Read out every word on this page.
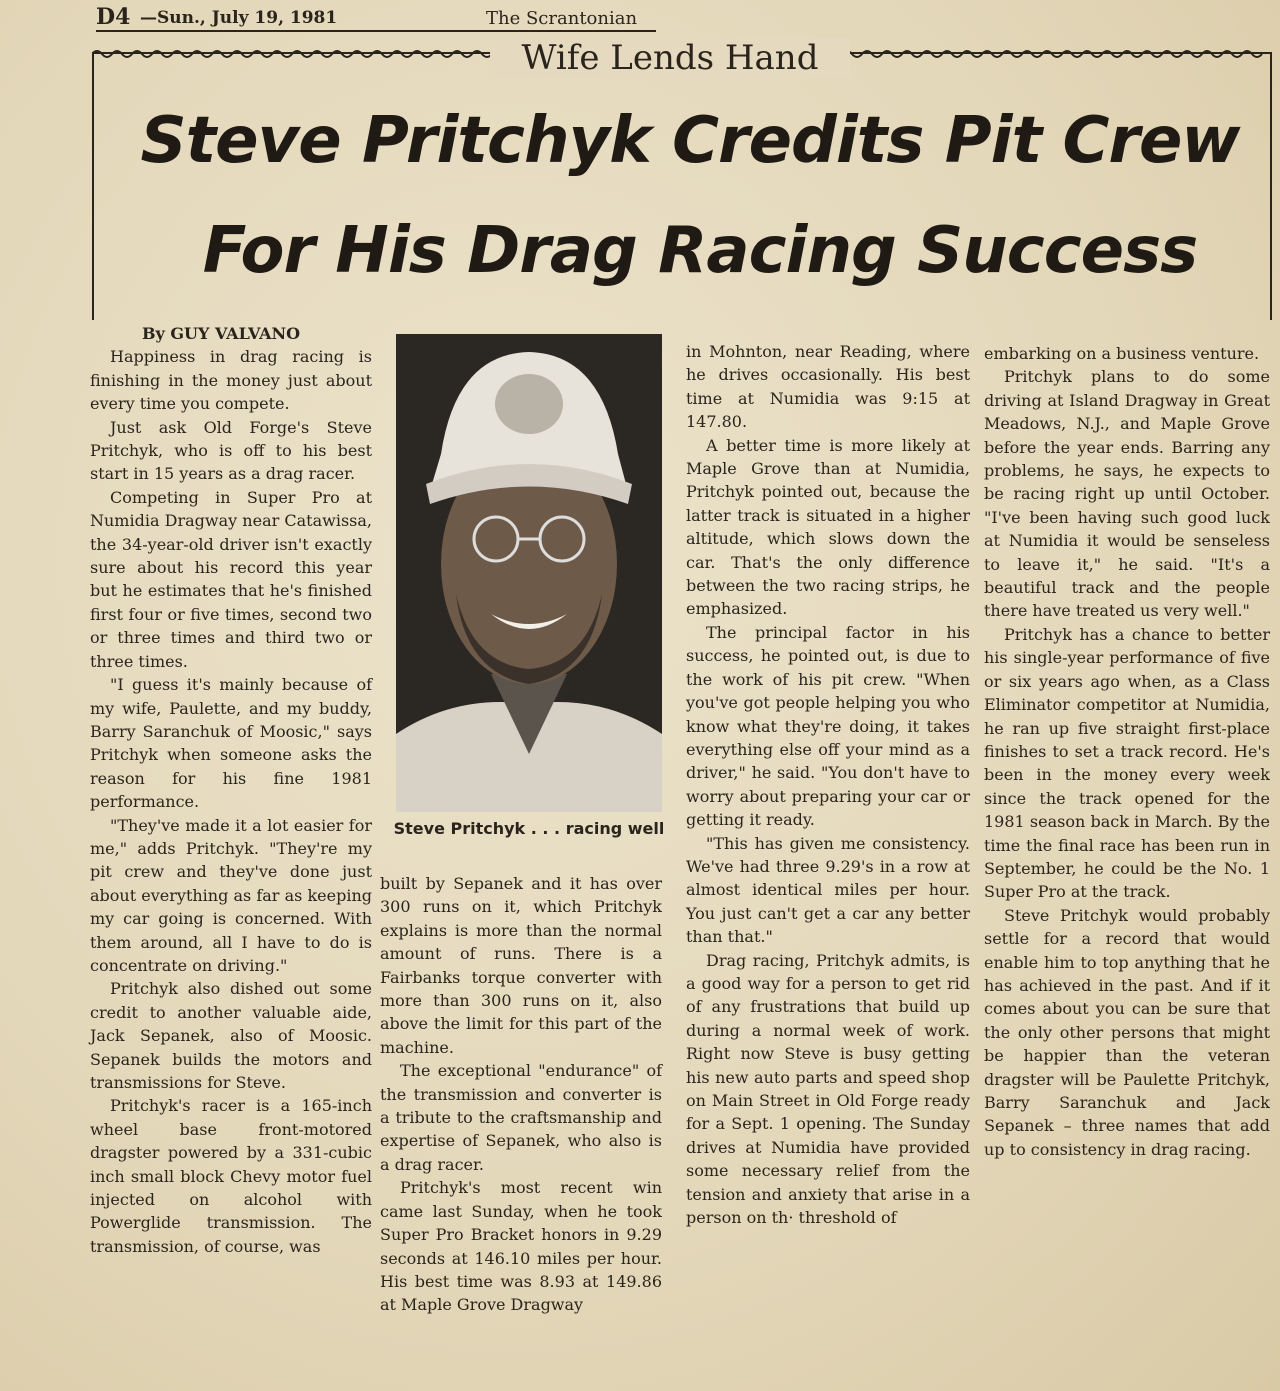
D4 —Sun., July 19, 1981	The Scrantonian
Wife Lends Hand
Steve Pritchyk Credits Pit Crew
For His Drag Racing Success

By GUY VALVANO

Happiness in drag racing is finishing in the money just about every time you compete.

Just ask Old Forge's Steve Pritchyk, who is off to his best start in 15 years as a drag racer.

Competing in Super Pro at Numidia Dragway near Catawissa, the 34-year-old driver isn't exactly sure about his record this year but he estimates that he's finished first four or five times, second two or three times and third two or three times.

"I guess it's mainly because of my wife, Paulette, and my buddy, Barry Saranchuk of Moosic," says Pritchyk when someone asks the reason for his fine 1981 performance.

"They've made it a lot easier for me," adds Pritchyk. "They're my pit crew and they've done just about everything as far as keeping my car going is concerned. With them around, all I have to do is concentrate on driving."

Pritchyk also dished out some credit to another valuable aide, Jack Sepanek, also of Moosic. Sepanek builds the motors and transmissions for Steve.

Pritchyk's racer is a 165-inch wheel base front-motored dragster powered by a 331-cubic inch small block Chevy motor fuel injected on alcohol with Powerglide transmission. The transmission, of course, was

Steve Pritchyk . . . racing well

built by Sepanek and it has over 300 runs on it, which Pritchyk explains is more than the normal amount of runs. There is a Fairbanks torque converter with more than 300 runs on it, also above the limit for this part of the machine.

The exceptional "endurance" of the transmission and converter is a tribute to the craftsmanship and expertise of Sepanek, who also is a drag racer.

Pritchyk's most recent win came last Sunday, when he took Super Pro Bracket honors in 9.29 seconds at 146.10 miles per hour. His best time was 8.93 at 149.86 at Maple Grove Dragway

in Mohnton, near Reading, where he drives occasionally. His best time at Numidia was 9:15 at 147.80.

A better time is more likely at Maple Grove than at Numidia, Pritchyk pointed out, because the latter track is situated in a higher altitude, which slows down the car. That's the only difference between the two racing strips, he emphasized.

The principal factor in his success, he pointed out, is due to the work of his pit crew. "When you've got people helping you who know what they're doing, it takes everything else off your mind as a driver," he said. "You don't have to worry about preparing your car or getting it ready.

"This has given me consistency. We've had three 9.29's in a row at almost identical miles per hour. You just can't get a car any better than that."

Drag racing, Pritchyk admits, is a good way for a person to get rid of any frustrations that build up during a normal week of work. Right now Steve is busy getting his new auto parts and speed shop on Main Street in Old Forge ready for a Sept. 1 opening. The Sunday drives at Numidia have provided some necessary relief from the tension and anxiety that arise in a person on th· threshold of

embarking on a business venture.

Pritchyk plans to do some driving at Island Dragway in Great Meadows, N.J., and Maple Grove before the year ends. Barring any problems, he says, he expects to be racing right up until October. "I've been having such good luck at Numidia it would be senseless to leave it," he said. "It's a beautiful track and the people there have treated us very well."

Pritchyk has a chance to better his single-year performance of five or six years ago when, as a Class Eliminator competitor at Numidia, he ran up five straight first-place finishes to set a track record. He's been in the money every week since the track opened for the 1981 season back in March. By the time the final race has been run in September, he could be the No. 1 Super Pro at the track.

Steve Pritchyk would probably settle for a record that would enable him to top anything that he has achieved in the past. And if it comes about you can be sure that the only other persons that might be happier than the veteran dragster will be Paulette Pritchyk, Barry Saranchuk and Jack Sepanek – three names that add up to consistency in drag racing.
